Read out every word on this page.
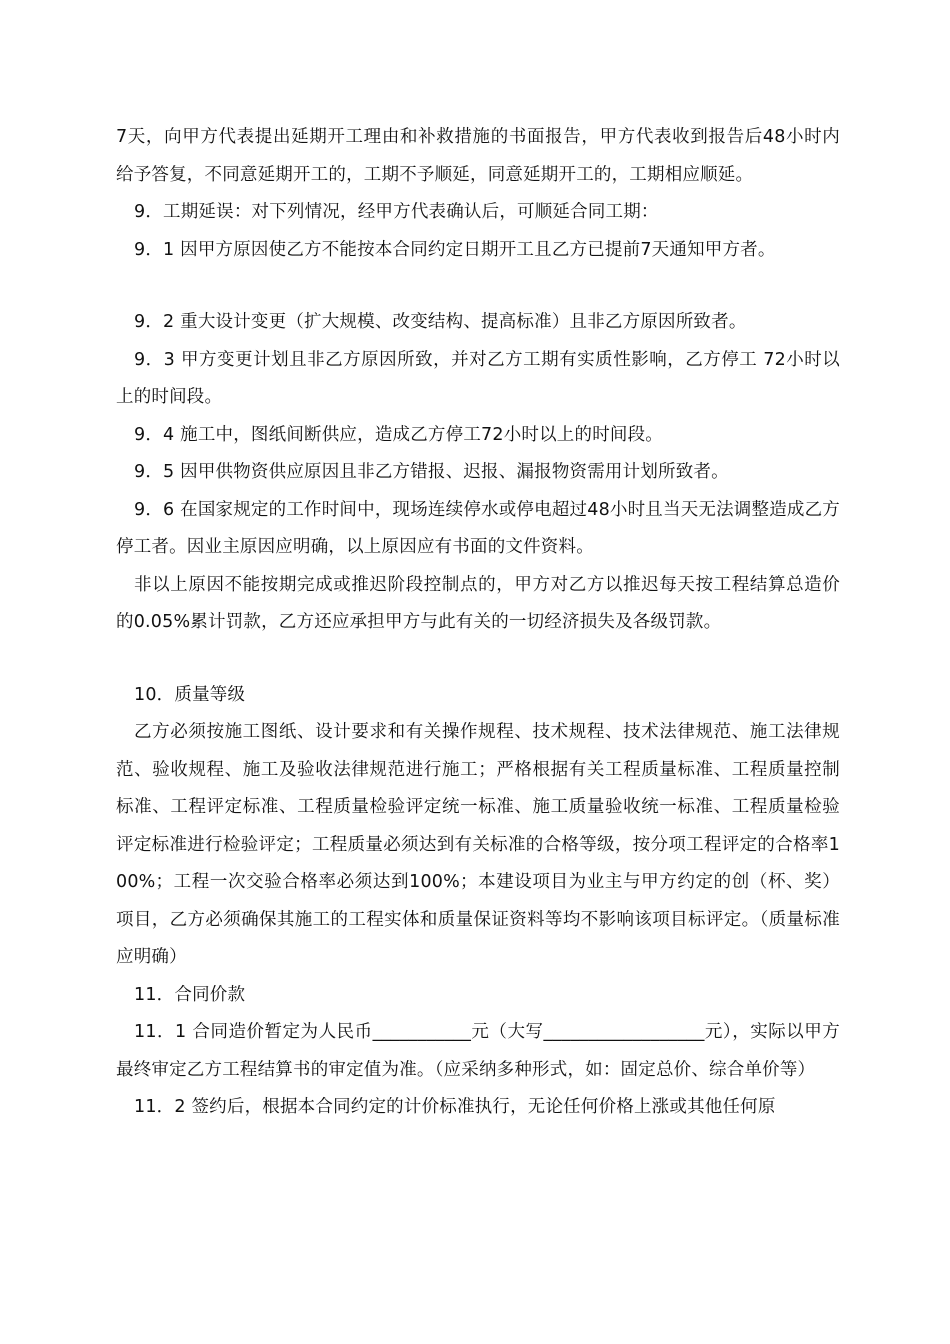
7天，向甲方代表提出延期开工理由和补救措施的书面报告，甲方代表收到报告后48小时内给予答复，不同意延期开工的，工期不予顺延，同意延期开工的，工期相应顺延。

9．工期延误：对下列情况，经甲方代表确认后，可顺延合同工期：

9．1 因甲方原因使乙方不能按本合同约定日期开工且乙方已提前7天通知甲方者。

9．2 重大设计变更（扩大规模、改变结构、提高标准）且非乙方原因所致者。

9．3 甲方变更计划且非乙方原因所致，并对乙方工期有实质性影响，乙方停工 72小时以上的时间段。

9．4 施工中，图纸间断供应，造成乙方停工72小时以上的时间段。

9．5 因甲供物资供应原因且非乙方错报、迟报、漏报物资需用计划所致者。

9．6 在国家规定的工作时间中，现场连续停水或停电超过48小时且当天无法调整造成乙方停工者。因业主原因应明确，以上原因应有书面的文件资料。

非以上原因不能按期完成或推迟阶段控制点的，甲方对乙方以推迟每天按工程结算总造价的0.05%累计罚款，乙方还应承担甲方与此有关的一切经济损失及各级罚款。

10．质量等级

乙方必须按施工图纸、设计要求和有关操作规程、技术规程、技术法律规范、施工法律规范、验收规程、施工及验收法律规范进行施工；严格根据有关工程质量标准、工程质量控制标准、工程评定标准、工程质量检验评定统一标准、施工质量验收统一标准、工程质量检验评定标准进行检验评定；工程质量必须达到有关标准的合格等级，按分项工程评定的合格率100%；工程一次交验合格率必须达到100%；本建设项目为业主与甲方约定的创（杯、奖）项目，乙方必须确保其施工的工程实体和质量保证资料等均不影响该项目标评定。（质量标准应明确）

11．合同价款

11．1 合同造价暂定为人民币___________元（大写__________________元），实际以甲方最终审定乙方工程结算书的审定值为准。（应采纳多种形式，如：固定总价、综合单价等）

11．2 签约后，根据本合同约定的计价标准执行，无论任何价格上涨或其他任何原
